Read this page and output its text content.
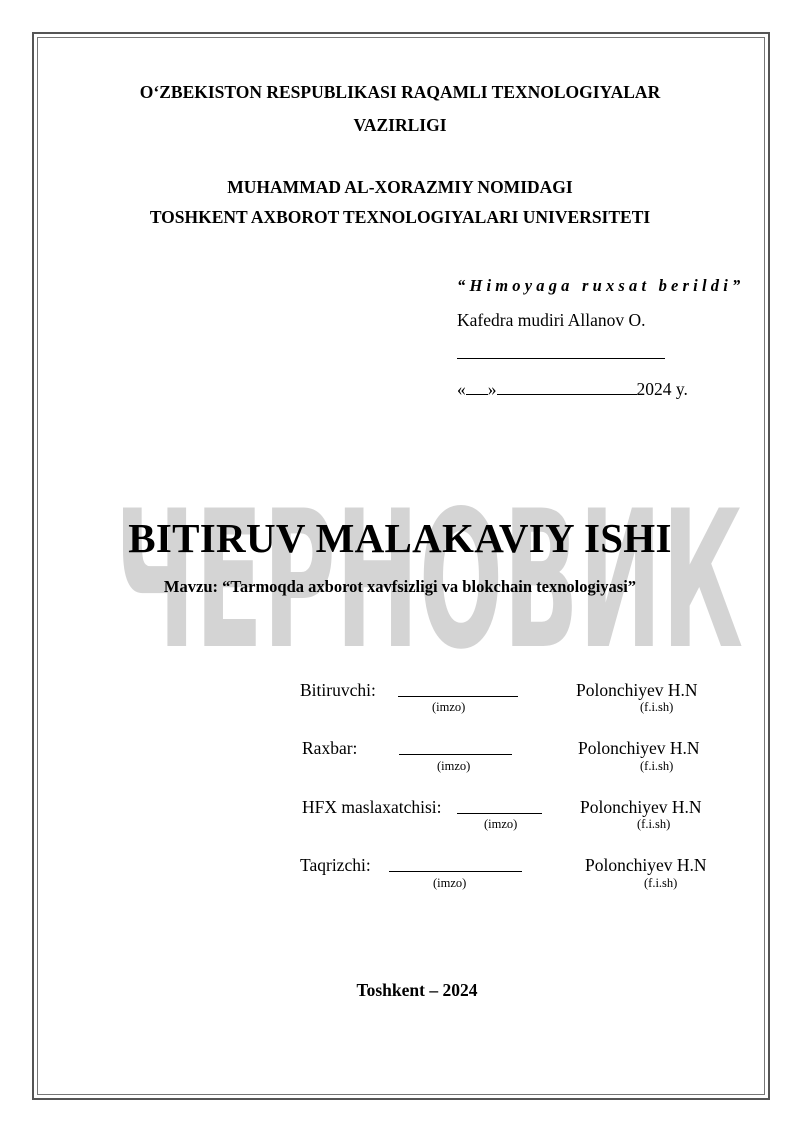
O‘ZBEKISTON RESPUBLIKASI RAQAMLI TEXNOLOGIYALAR
VAZIRLIGI
MUHAMMAD AL-XORAZMIY NOMIDAGI
TOSHKENT AXBOROT TEXNOLOGIYALARI UNIVERSITETI
“Himoyaga ruxsat berildi”
Kafedra mudiri Allanov O.
« »	2024 y.
ЧЕРНОВИК
BITIRUV MALAKAVIY ISHI
Mavzu: “Tarmoqda axborot xavfsizligi va blokchain texnologiyasi”
Bitiruvchi:
(imzo)
Polonchiyev H.N
(f.i.sh)
Raxbar:
(imzo)
Polonchiyev H.N
(f.i.sh)
HFX maslaxatchisi:
(imzo)
Polonchiyev H.N
(f.i.sh)
Taqrizchi:
(imzo)
Polonchiyev H.N
(f.i.sh)
Toshkent – 2024
